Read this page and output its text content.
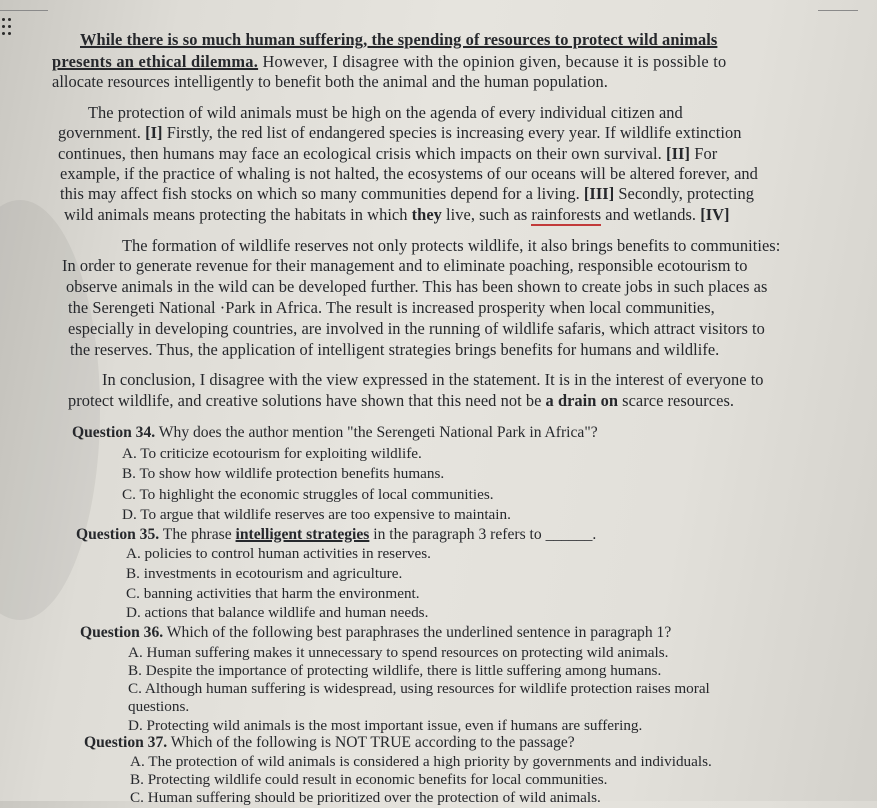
While there is so much human suffering, the spending of resources to protect wild animals
presents an ethical dilemma. However, I disagree with the opinion given, because it is possible to
allocate resources intelligently to benefit both the animal and the human population.
The protection of wild animals must be high on the agenda of every individual citizen and
government. [I] Firstly, the red list of endangered species is increasing every year. If wildlife extinction
continues, then humans may face an ecological crisis which impacts on their own survival. [II] For
example, if the practice of whaling is not halted, the ecosystems of our oceans will be altered forever, and
this may affect fish stocks on which so many communities depend for a living. [III] Secondly, protecting
wild animals means protecting the habitats in which they live, such as rainforests and wetlands. [IV]
The formation of wildlife reserves not only protects wildlife, it also brings benefits to communities:
In order to generate revenue for their management and to eliminate poaching, responsible ecotourism to
observe animals in the wild can be developed further. This has been shown to create jobs in such places as
the Serengeti National ·Park in Africa. The result is increased prosperity when local communities,
especially in developing countries, are involved in the running of wildlife safaris, which attract visitors to
the reserves. Thus, the application of intelligent strategies brings benefits for humans and wildlife.
In conclusion, I disagree with the view expressed in the statement. It is in the interest of everyone to
protect wildlife, and creative solutions have shown that this need not be a drain on scarce resources.
Question 34. Why does the author mention "the Serengeti National Park in Africa"?
A. To criticize ecotourism for exploiting wildlife.
B. To show how wildlife protection benefits humans.
C. To highlight the economic struggles of local communities.
D. To argue that wildlife reserves are too expensive to maintain.
Question 35. The phrase intelligent strategies in the paragraph 3 refers to ______.
A. policies to control human activities in reserves.
B. investments in ecotourism and agriculture.
C. banning activities that harm the environment.
D. actions that balance wildlife and human needs.
Question 36. Which of the following best paraphrases the underlined sentence in paragraph 1?
A. Human suffering makes it unnecessary to spend resources on protecting wild animals.
B. Despite the importance of protecting wildlife, there is little suffering among humans.
C. Although human suffering is widespread, using resources for wildlife protection raises moral
questions.
D. Protecting wild animals is the most important issue, even if humans are suffering.
Question 37. Which of the following is NOT TRUE according to the passage?
A. The protection of wild animals is considered a high priority by governments and individuals.
B. Protecting wildlife could result in economic benefits for local communities.
C. Human suffering should be prioritized over the protection of wild animals.
